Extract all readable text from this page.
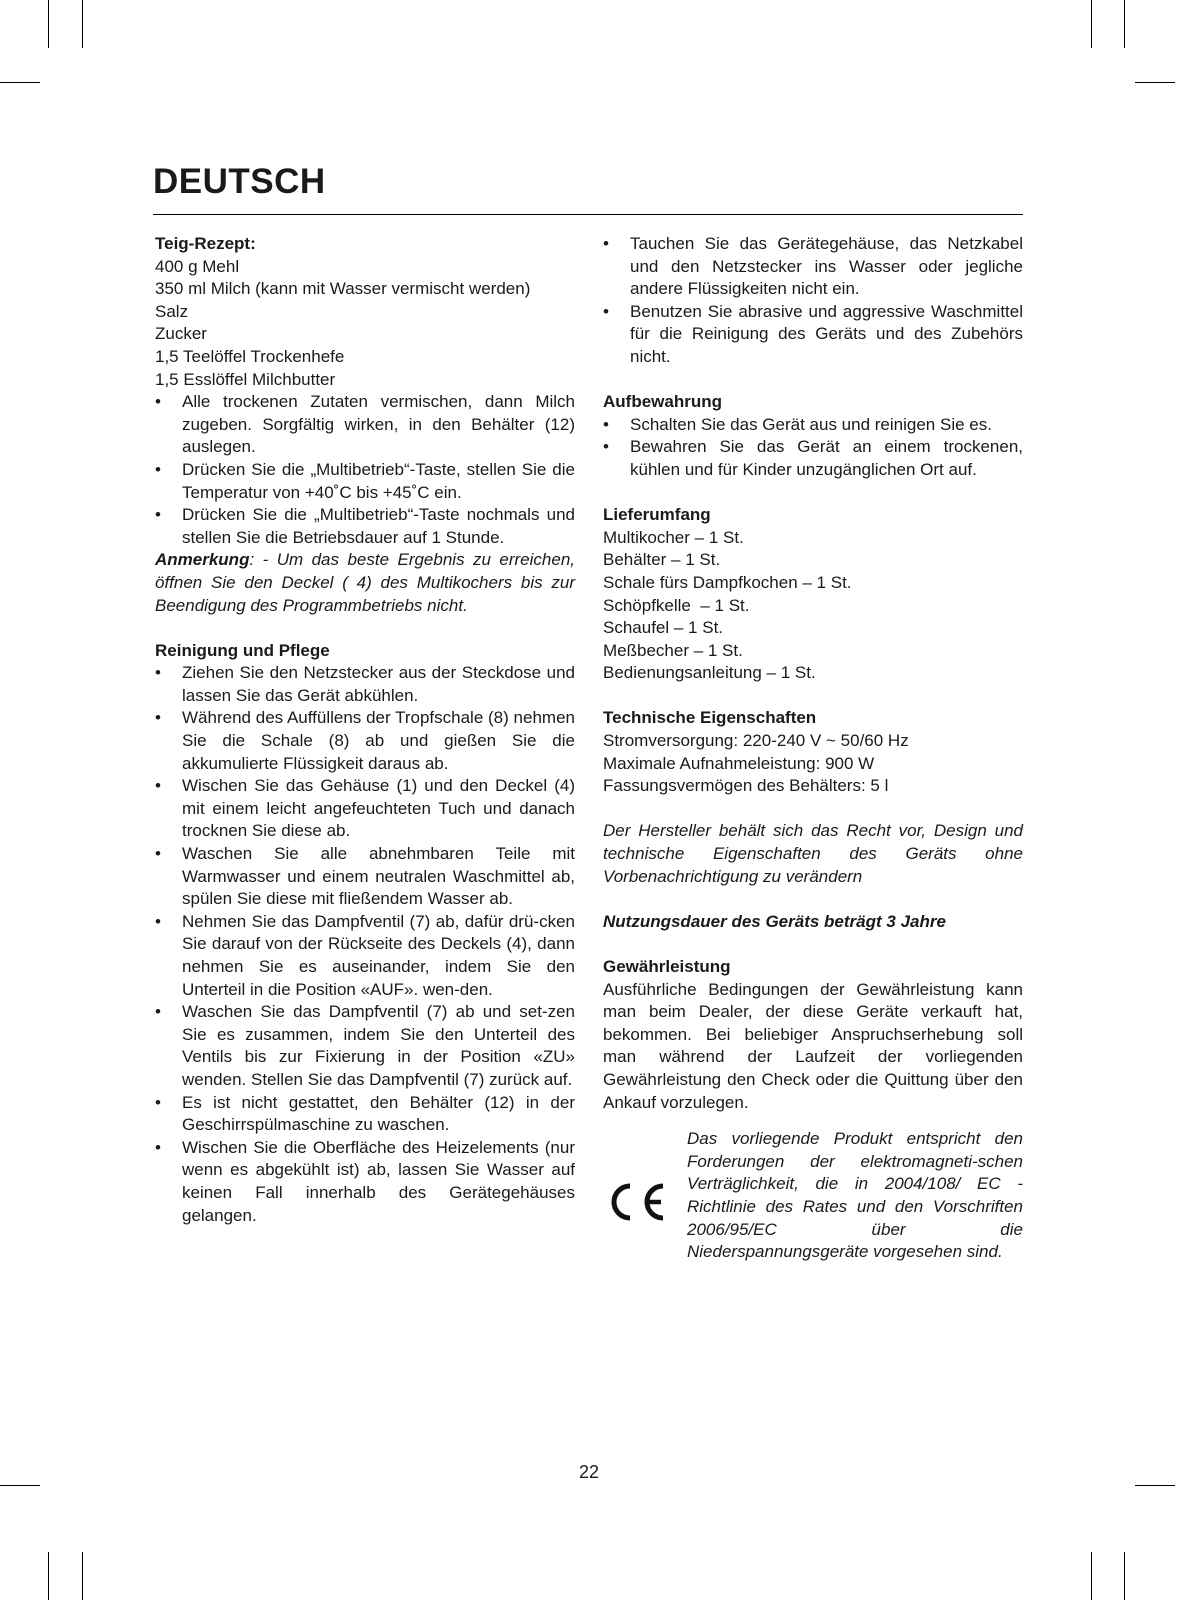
DEUTSCH
Teig-Rezept:

400 g Mehl

350 ml Milch (kann mit Wasser vermischt werden)

Salz

Zucker

1,5 Teelöffel Trockenhefe

1,5 Esslöffel Milchbutter

• Alle trockenen Zutaten vermischen, dann Milch zugeben. Sorgfältig wirken, in den Behälter (12) auslegen.
• Drücken Sie die „Multibetrieb“-Taste, stellen Sie die Temperatur von +40˚C bis +45˚C ein.
• Drücken Sie die „Multibetrieb“-Taste nochmals und stellen Sie die Betriebsdauer auf 1 Stunde.

Anmerkung: - Um das beste Ergebnis zu erreichen, öffnen Sie den Deckel ( 4) des Multikochers bis zur Beendigung des Programmbetriebs nicht.

Reinigung und Pflege
• Ziehen Sie den Netzstecker aus der Steckdose und lassen Sie das Gerät abkühlen.
• Während des Auffüllens der Tropfschale (8) nehmen Sie die Schale (8) ab und gießen Sie die akkumulierte Flüssigkeit daraus ab.
• Wischen Sie das Gehäuse (1) und den Deckel (4) mit einem leicht angefeuchteten Tuch und danach trocknen Sie diese ab.
• Waschen Sie alle abnehmbaren Teile mit Warmwasser und einem neutralen Waschmittel ab, spülen Sie diese mit fließendem Wasser ab.
• Nehmen Sie das Dampfventil (7) ab, dafür drü-cken Sie darauf von der Rückseite des Deckels (4), dann nehmen Sie es auseinander, indem Sie den Unterteil in die Position «AUF». wen-den.
• Waschen Sie das Dampfventil (7) ab und set-zen Sie es zusammen, indem Sie den Unterteil des Ventils bis zur Fixierung in der Position «ZU» wenden. Stellen Sie das Dampfventil (7) zurück auf.
• Es ist nicht gestattet, den Behälter (12) in der Geschirrspülmaschine zu waschen.
• Wischen Sie die Oberfläche des Heizelements (nur wenn es abgekühlt ist) ab, lassen Sie Wasser auf keinen Fall innerhalb des Gerätegehäuses gelangen.
• Tauchen Sie das Gerätegehäuse, das Netzkabel und den Netzstecker ins Wasser oder jegliche andere Flüssigkeiten nicht ein.
• Benutzen Sie abrasive und aggressive Waschmittel für die Reinigung des Geräts und des Zubehörs nicht.
Aufbewahrung
• Schalten Sie das Gerät aus und reinigen Sie es.
• Bewahren Sie das Gerät an einem trockenen, kühlen und für Kinder unzugänglichen Ort auf.
Lieferumfang

Multikocher – 1 St.

Behälter – 1 St.

Schale fürs Dampfkochen – 1 St.

Schöpfkelle  – 1 St.

Schaufel – 1 St.

Meßbecher – 1 St.

Bedienungsanleitung – 1 St.

Technische Eigenschaften

Stromversorgung: 220-240 V ~ 50/60 Hz

Maximale Aufnahmeleistung: 900 W

Fassungsvermögen des Behälters: 5 l

Der Hersteller behält sich das Recht vor, Design und technische Eigenschaften des Geräts ohne Vorbenachrichtigung zu verändern

Nutzungsdauer des Geräts beträgt 3 Jahre

Gewährleistung

Ausführliche Bedingungen der Gewährleistung kann man beim Dealer, der diese Geräte verkauft hat, bekommen. Bei beliebiger Anspruchserhebung soll man während der Laufzeit der vorliegenden Gewährleistung den Check oder die Quittung über den Ankauf vorzulegen.

Das vorliegende Produkt entspricht den Forderungen der elektromagneti-schen Verträglichkeit, die in 2004/108/ EC - Richtlinie des Rates und den Vorschriften 2006/95/EC über die Niederspannungsgeräte vorgesehen sind.

22
